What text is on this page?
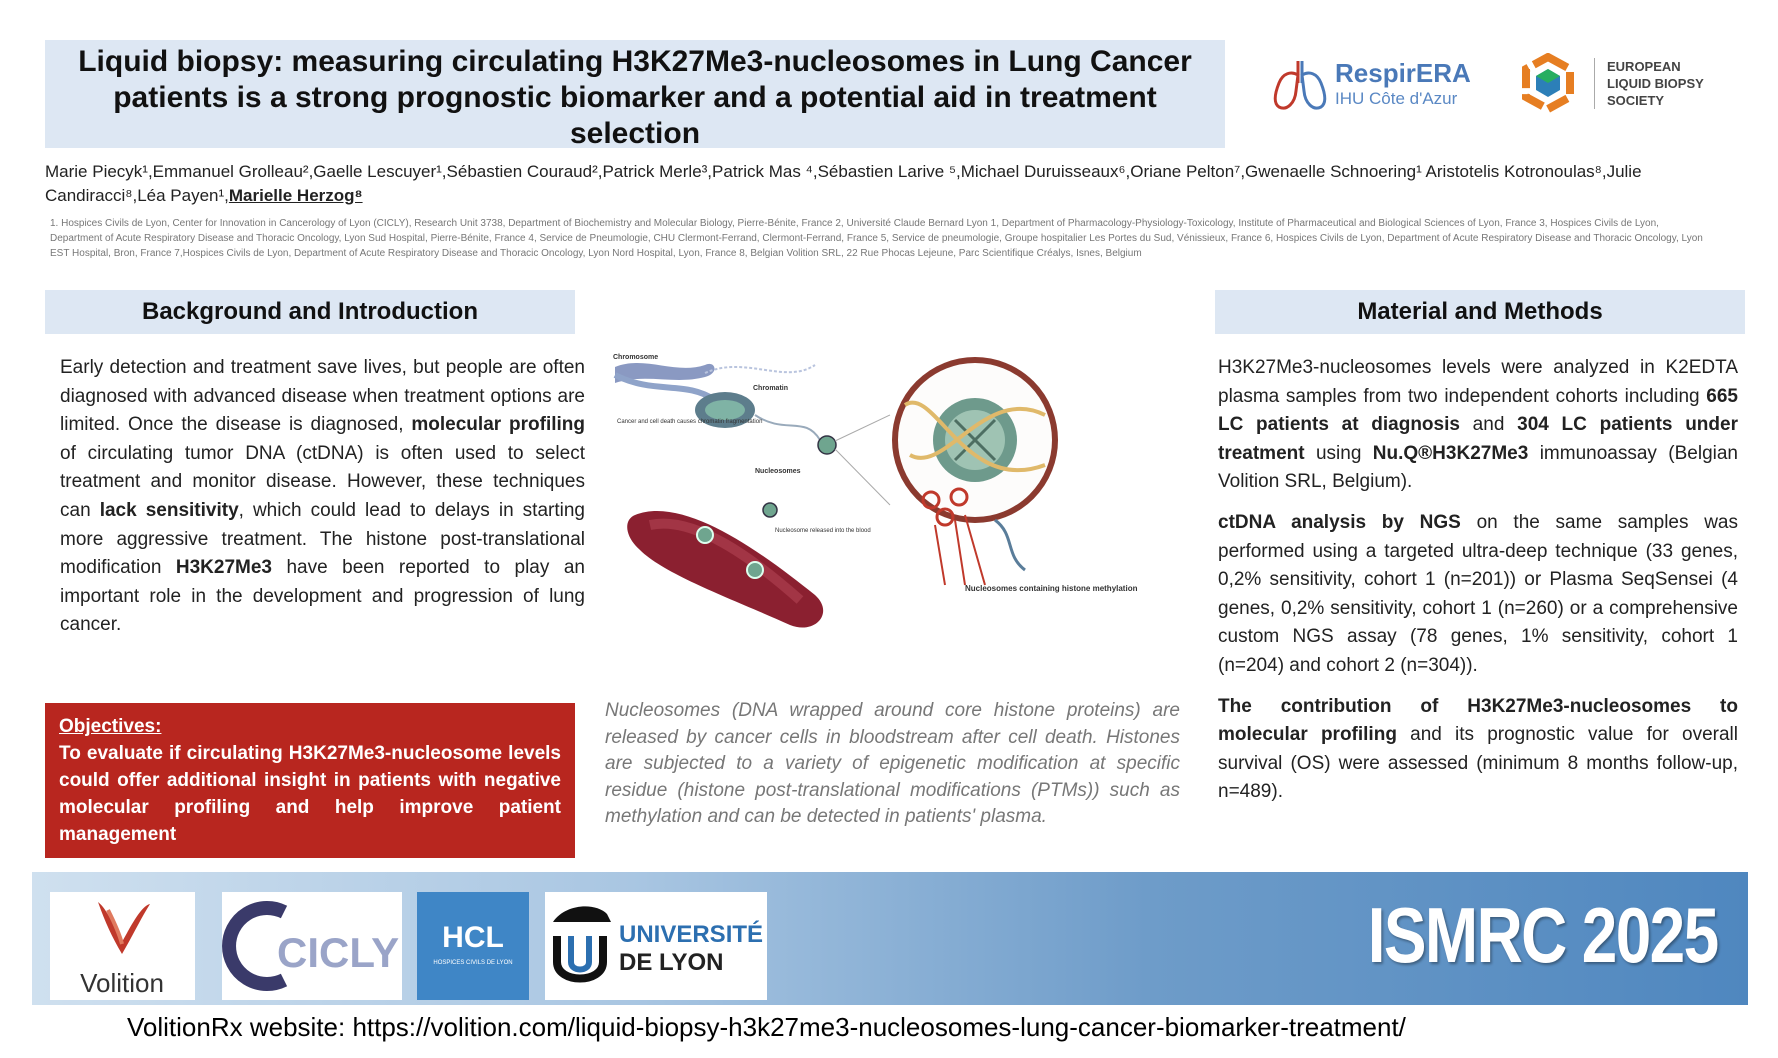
Liquid biopsy: measuring circulating H3K27Me3-nucleosomes in Lung Cancer patients is a strong prognostic biomarker and a potential aid in treatment selection
RespirERA
IHU Côte d'Azur
EUROPEAN
LIQUID BIOPSY
SOCIETY
Marie Piecyk¹,Emmanuel Grolleau²,Gaelle Lescuyer¹,Sébastien Couraud²,Patrick Merle³,Patrick Mas ⁴,Sébastien Larive ⁵,Michael Duruisseaux⁶,Oriane Pelton⁷,Gwenaelle Schnoering¹ Aristotelis Kotronoulas⁸,Julie Candiracci⁸,Léa Payen¹,Marielle Herzog⁸
1. Hospices Civils de Lyon, Center for Innovation in Cancerology of Lyon (CICLY), Research Unit 3738, Department of Biochemistry and Molecular Biology, Pierre-Bénite, France 2, Université Claude Bernard Lyon 1, Department of Pharmacology-Physiology-Toxicology, Institute of Pharmaceutical and Biological Sciences of Lyon, France 3, Hospices Civils de Lyon, Department of Acute Respiratory Disease and Thoracic Oncology, Lyon Sud Hospital, Pierre-Bénite, France 4, Service de Pneumologie, CHU Clermont-Ferrand, Clermont-Ferrand, France 5, Service de pneumologie, Groupe hospitalier Les Portes du Sud, Vénissieux, France 6, Hospices Civils de Lyon, Department of Acute Respiratory Disease and Thoracic Oncology, Lyon EST Hospital, Bron, France 7,Hospices Civils de Lyon, Department of Acute Respiratory Disease and Thoracic Oncology, Lyon Nord Hospital, Lyon, France 8, Belgian Volition SRL, 22 Rue Phocas Lejeune, Parc Scientifique Créalys, Isnes, Belgium
Background and Introduction
Early detection and treatment save lives, but people are often diagnosed with advanced disease when treatment options are limited. Once the disease is diagnosed, molecular profiling of circulating tumor DNA (ctDNA) is often used to select treatment and monitor disease. However, these techniques can lack sensitivity, which could lead to delays in starting more aggressive treatment. The histone post-translational modification H3K27Me3 have been reported to play an important role in the development and progression of lung cancer.
Objectives:
To evaluate if circulating H3K27Me3-nucleosome levels could offer additional insight in patients with negative molecular profiling and help improve patient management
Chromosome
Chromatin
Cancer and cell death causes chromatin fragmentation
Nucleosomes
Nucleosome released into the blood
Nucleosomes containing histone methylation
Nucleosomes (DNA wrapped around core histone proteins) are released by cancer cells in bloodstream after cell death. Histones are subjected to a variety of epigenetic modification at specific residue (histone post-translational modifications (PTMs)) such as methylation and can be detected in patients' plasma.
Material and Methods

H3K27Me3-nucleosomes levels were analyzed in K2EDTA plasma samples from two independent cohorts including 665 LC patients at diagnosis and 304 LC patients under treatment using Nu.Q®H3K27Me3 immunoassay (Belgian Volition SRL, Belgium).

ctDNA analysis by NGS on the same samples was performed using a targeted ultra-deep technique (33 genes, 0,2% sensitivity, cohort 1 (n=201)) or Plasma SeqSensei (4 genes, 0,2% sensitivity, cohort 1 (n=260) or a comprehensive custom NGS assay (78 genes, 1% sensitivity, cohort 1 (n=204) and cohort 2 (n=304)).

The contribution of H3K27Me3-nucleosomes to molecular profiling and its prognostic value for overall survival (OS) were assessed (minimum 8 months follow-up, n=489).

Volition
CICLY HCL
HOSPICES CIVILS DE LYON
UNIVERSITÉ
DE LYON	ISMRC 2025
VolitionRx website: https://volition.com/liquid-biopsy-h3k27me3-nucleosomes-lung-cancer-biomarker-treatment/
